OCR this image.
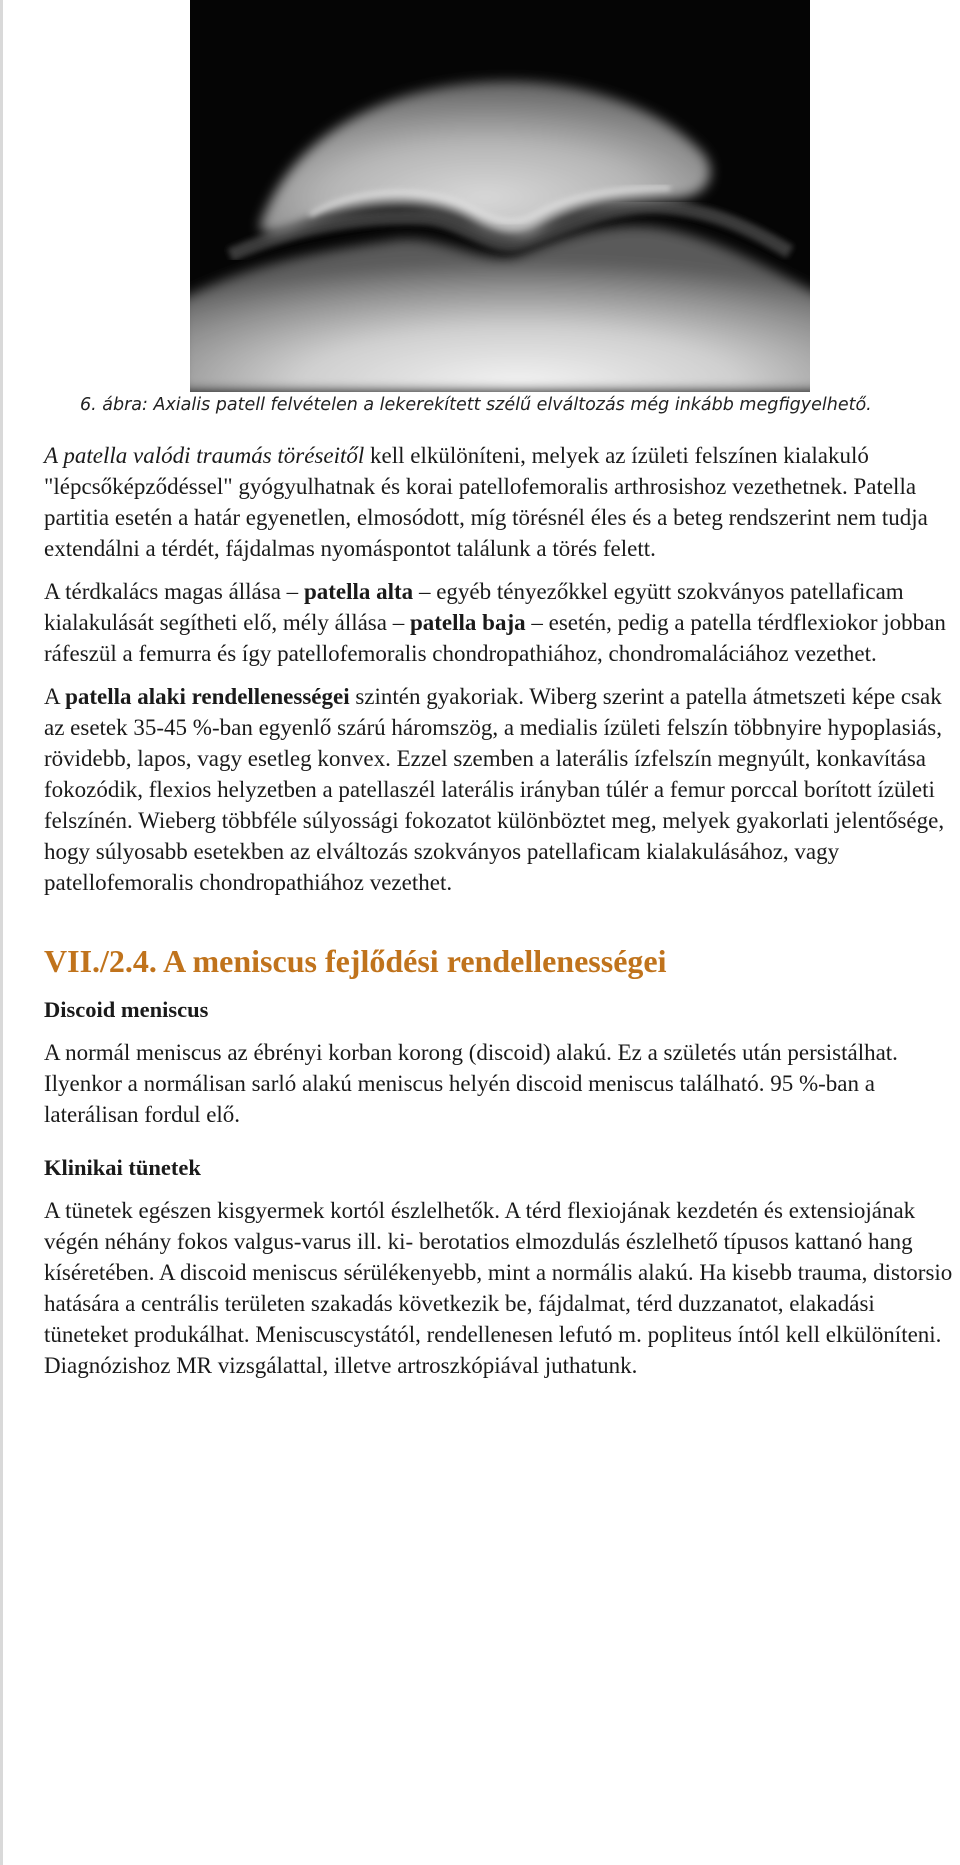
6. ábra: Axialis patell felvételen a lekerekített szélű elváltozás még inkább megfigyelhető.

A patella valódi traumás töréseitől kell elkülöníteni, melyek az ízületi felszínen kialakuló "lépcsőképződéssel" gyógyulhatnak és korai patellofemoralis arthrosishoz vezethetnek. Patella partitia esetén a határ egyenetlen, elmosódott, míg törésnél éles és a beteg rendszerint nem tudja extendálni a térdét, fájdalmas nyomáspontot találunk a törés felett.

A térdkalács magas állása – patella alta – egyéb tényezőkkel együtt szokványos patellaficam kialakulását segítheti elő, mély állása – patella baja – esetén, pedig a patella térdflexiokor jobban ráfeszül a femurra és így patellofemoralis chondropathiához, chondromaláciához vezethet.

A patella alaki rendellenességei szintén gyakoriak. Wiberg szerint a patella átmetszeti képe csak az esetek 35-45 %-ban egyenlő szárú háromszög, a medialis ízületi felszín többnyire hypoplasiás, rövidebb, lapos, vagy esetleg konvex. Ezzel szemben a laterális ízfelszín megnyúlt, konkavítása fokozódik, flexios helyzetben a patellaszél laterális irányban túlér a femur porccal borított ízületi felszínén. Wieberg többféle súlyossági fokozatot különböztet meg, melyek gyakorlati jelentősége, hogy súlyosabb esetekben az elváltozás szokványos patellaficam kialakulásához, vagy patellofemoralis chondropathiához vezethet.

VII./2.4. A meniscus fejlődési rendellenességei
Discoid meniscus

A normál meniscus az ébrényi korban korong (discoid) alakú. Ez a születés után persistálhat. Ilyenkor a normálisan sarló alakú meniscus helyén discoid meniscus található. 95 %-ban a laterálisan fordul elő.

Klinikai tünetek

A tünetek egészen kisgyermek kortól észlelhetők. A térd flexiojának kezdetén és extensiojának végén néhány fokos valgus-varus ill. ki- berotatios elmozdulás észlelhető típusos kattanó hang kíséretében. A discoid meniscus sérülékenyebb, mint a normális alakú. Ha kisebb trauma, distorsio hatására a centrális területen szakadás következik be, fájdalmat, térd duzzanatot, elakadási tüneteket produkálhat. Meniscuscystától, rendellenesen lefutó m. popliteus íntól kell elkülöníteni. Diagnózishoz MR vizsgálattal, illetve artroszkópiával juthatunk.
